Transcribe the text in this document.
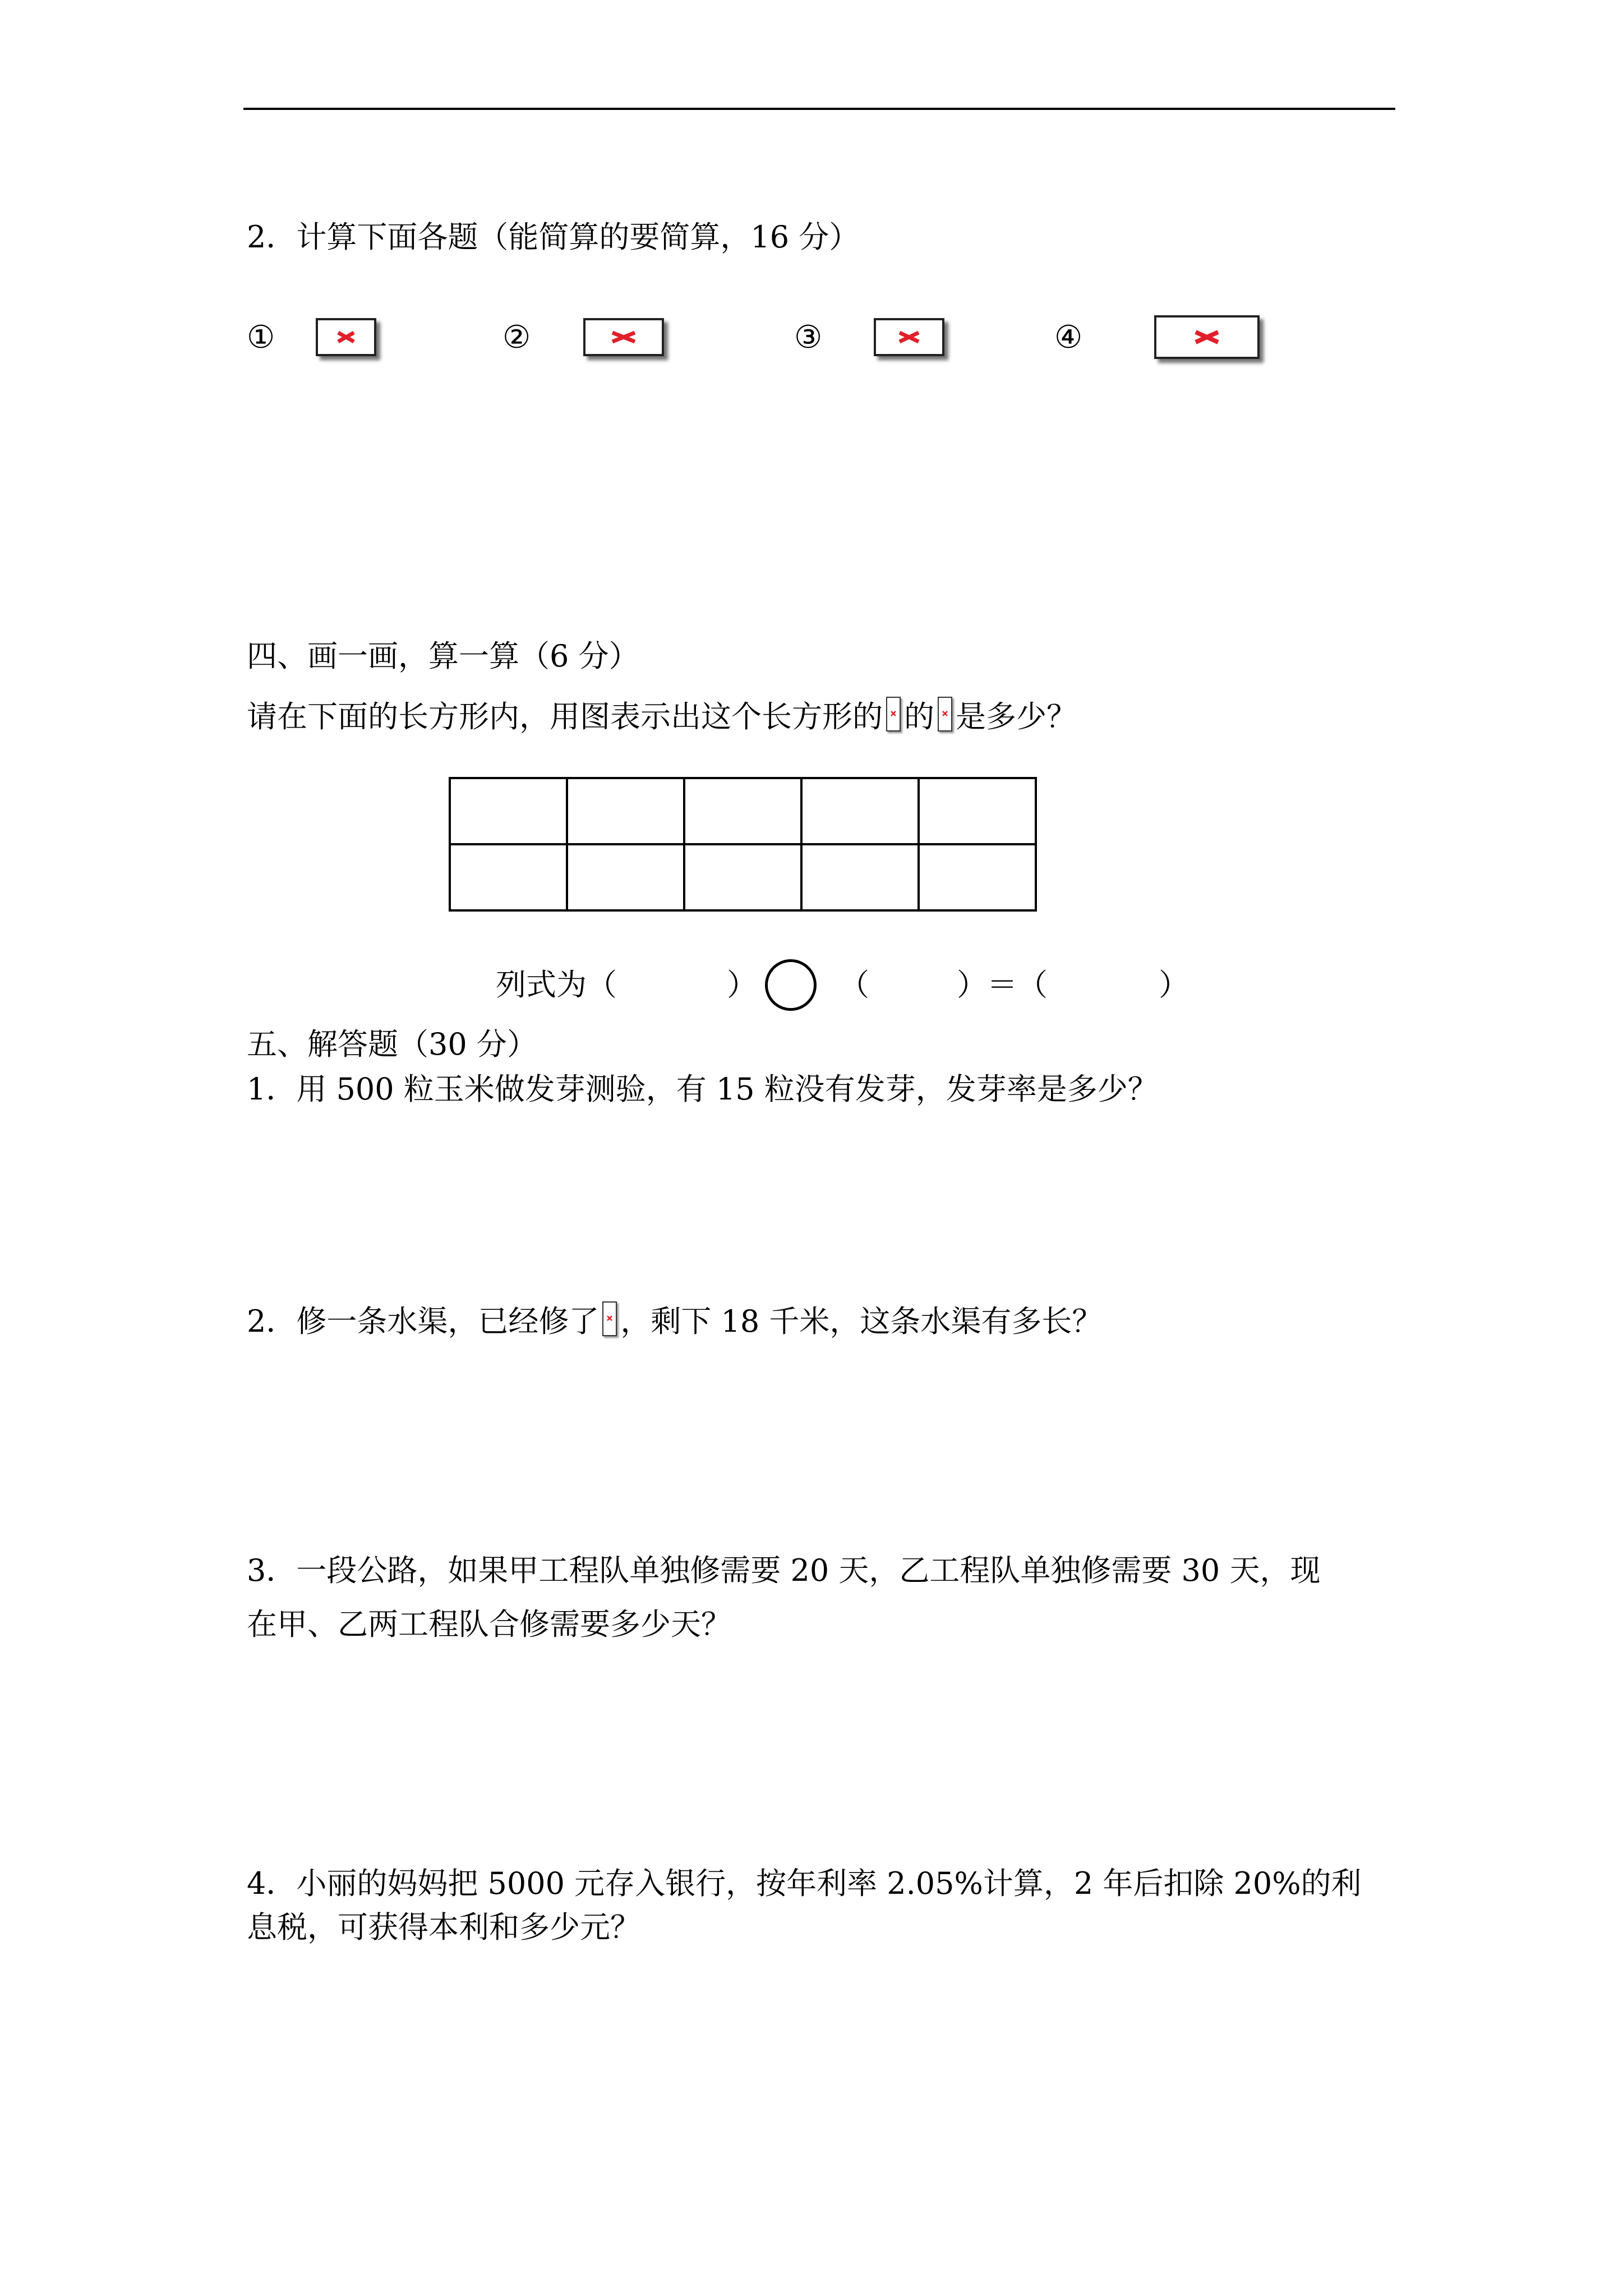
2．计算下面各题（能简算的要简算，16 分）
①	②	③	④
四、画一画，算一算（6 分）
请在下面的长方形内，用图表示出这个长方形的 的 是多少？
列式为（	）	（	）＝（	）
五、解答题（30 分）
1．用 500 粒玉米做发芽测验，有 15 粒没有发芽，发芽率是多少？
2．修一条水渠，已经修了 ，剩下 18 千米，这条水渠有多长？
3．一段公路，如果甲工程队单独修需要 20 天，乙工程队单独修需要 30 天，现
在甲、乙两工程队合修需要多少天？
4．小丽的妈妈把 5000 元存入银行，按年利率 2.05%计算，2 年后扣除 20%的利
息税，可获得本利和多少元？
